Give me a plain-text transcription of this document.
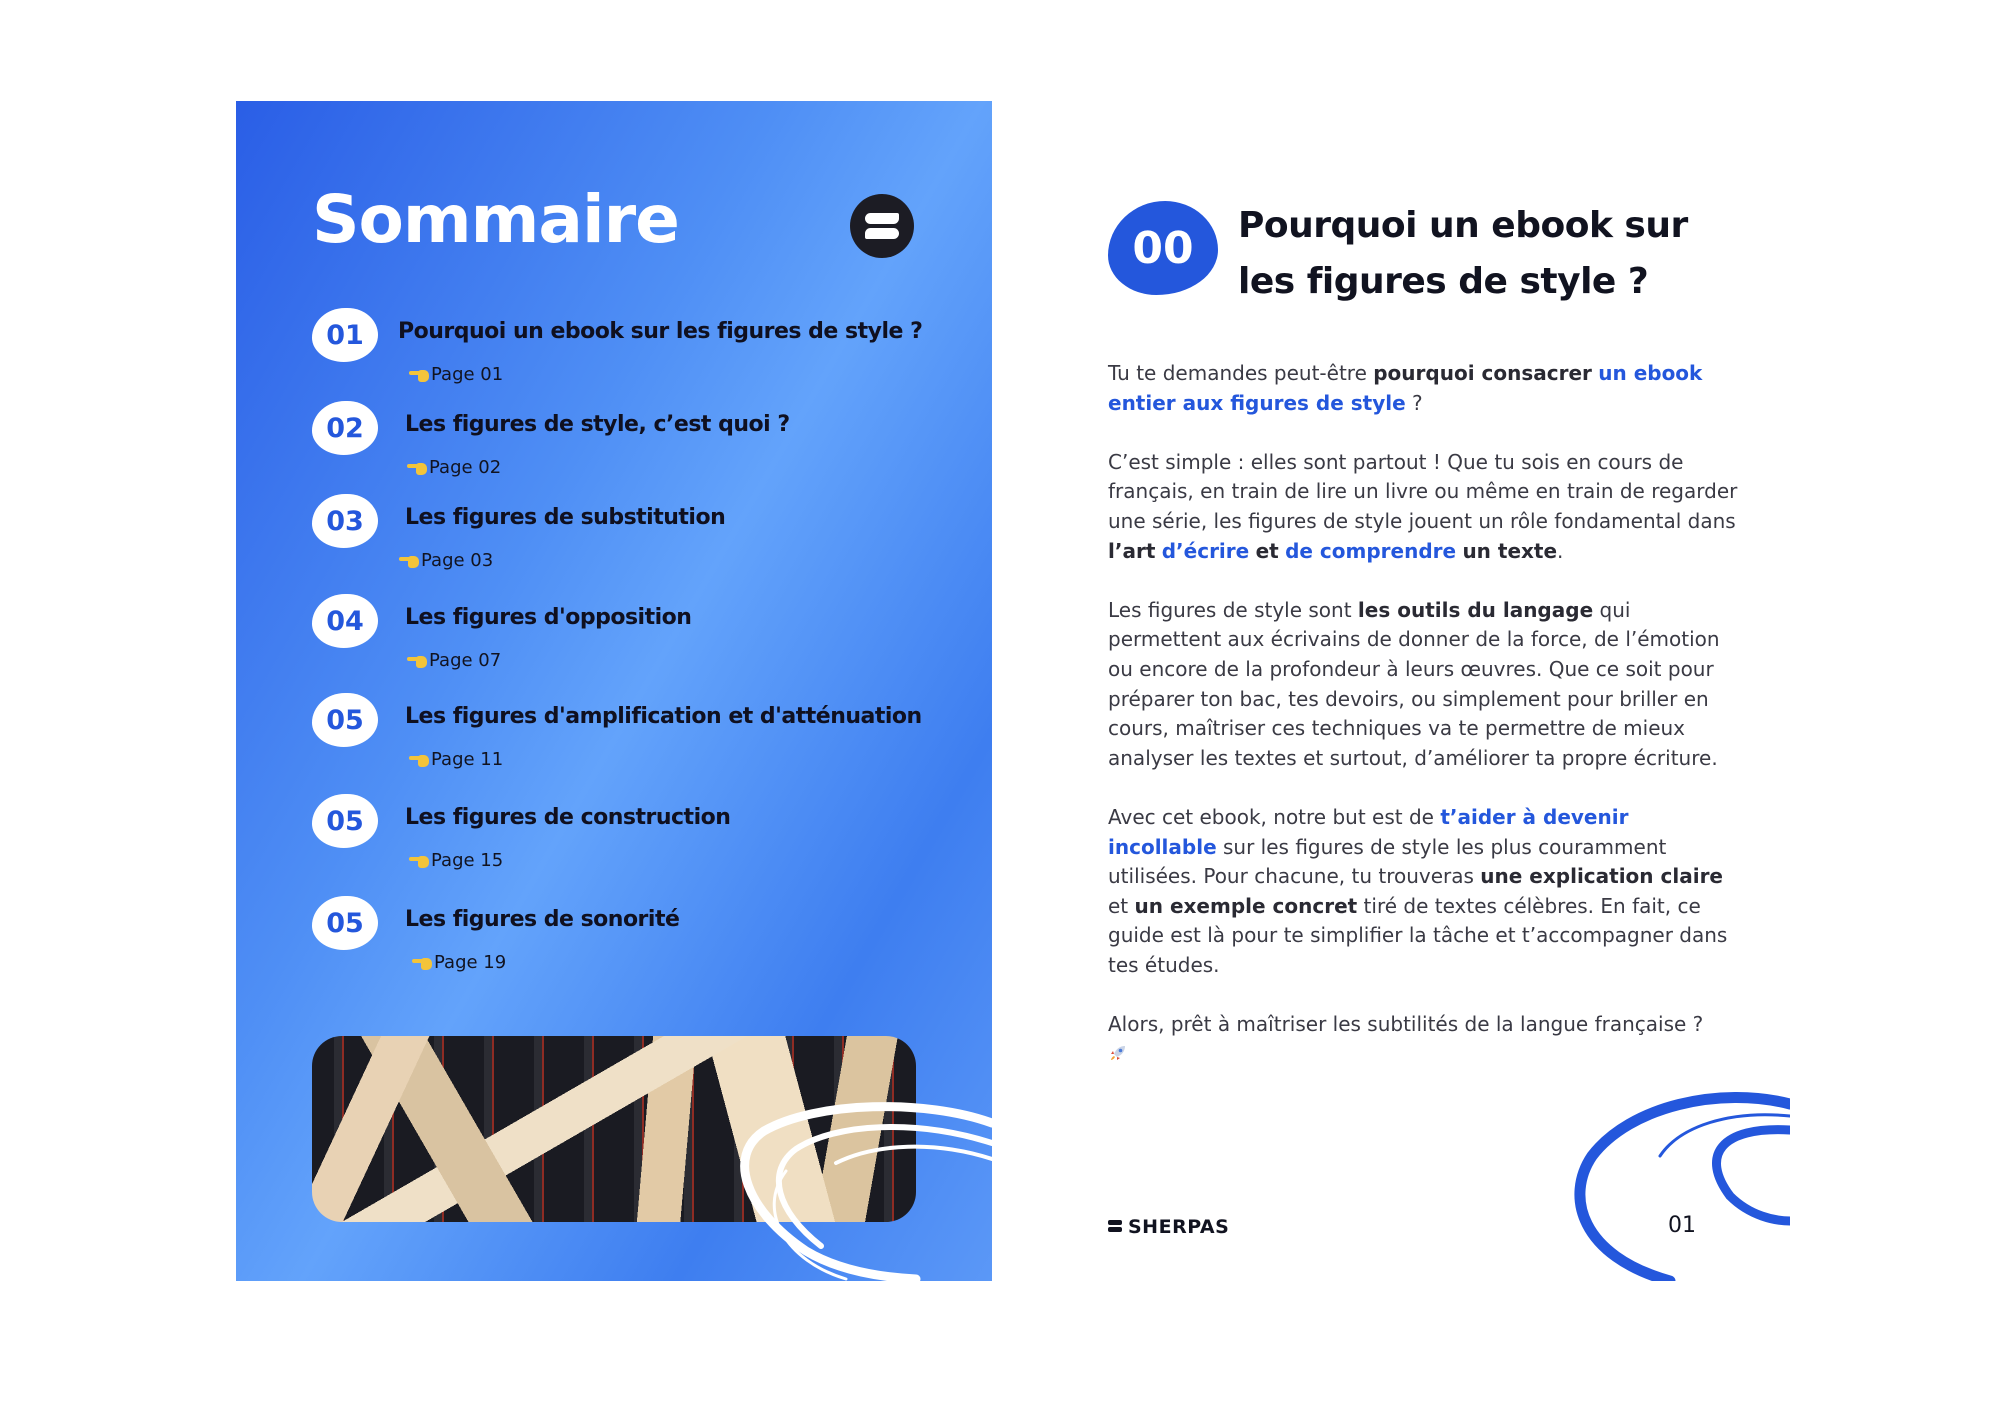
Sommaire
01	Pourquoi un ebook sur les figures de style ?
Page 01
02	Les figures de style, c’est quoi ?
Page 02
03	Les figures de substitution
Page 03
04	Les figures d'opposition
Page 07
05	Les figures d'amplification et d'atténuation
Page 11
05	Les figures de construction
Page 15
05	Les figures de sonorité
Page 19
00	Pourquoi un ebook sur les figures de style ?

Tu te demandes peut-être pourquoi consacrer un ebook entier aux figures de style ?

C’est simple : elles sont partout ! Que tu sois en cours de français, en train de lire un livre ou même en train de regarder une série, les figures de style jouent un rôle fondamental dans l’art d’écrire et de comprendre un texte.

Les figures de style sont les outils du langage qui permettent aux écrivains de donner de la force, de l’émotion ou encore de la profondeur à leurs œuvres. Que ce soit pour préparer ton bac, tes devoirs, ou simplement pour briller en cours, maîtriser ces techniques va te permettre de mieux analyser les textes et surtout, d’améliorer ta propre écriture.

Avec cet ebook, notre but est de t’aider à devenir incollable sur les figures de style les plus couramment utilisées. Pour chacune, tu trouveras une explication claire et un exemple concret tiré de textes célèbres. En fait, ce guide est là pour te simplifier la tâche et t’accompagner dans tes études.

Alors, prêt à maîtriser les subtilités de la langue française ?

SHERPAS	01
